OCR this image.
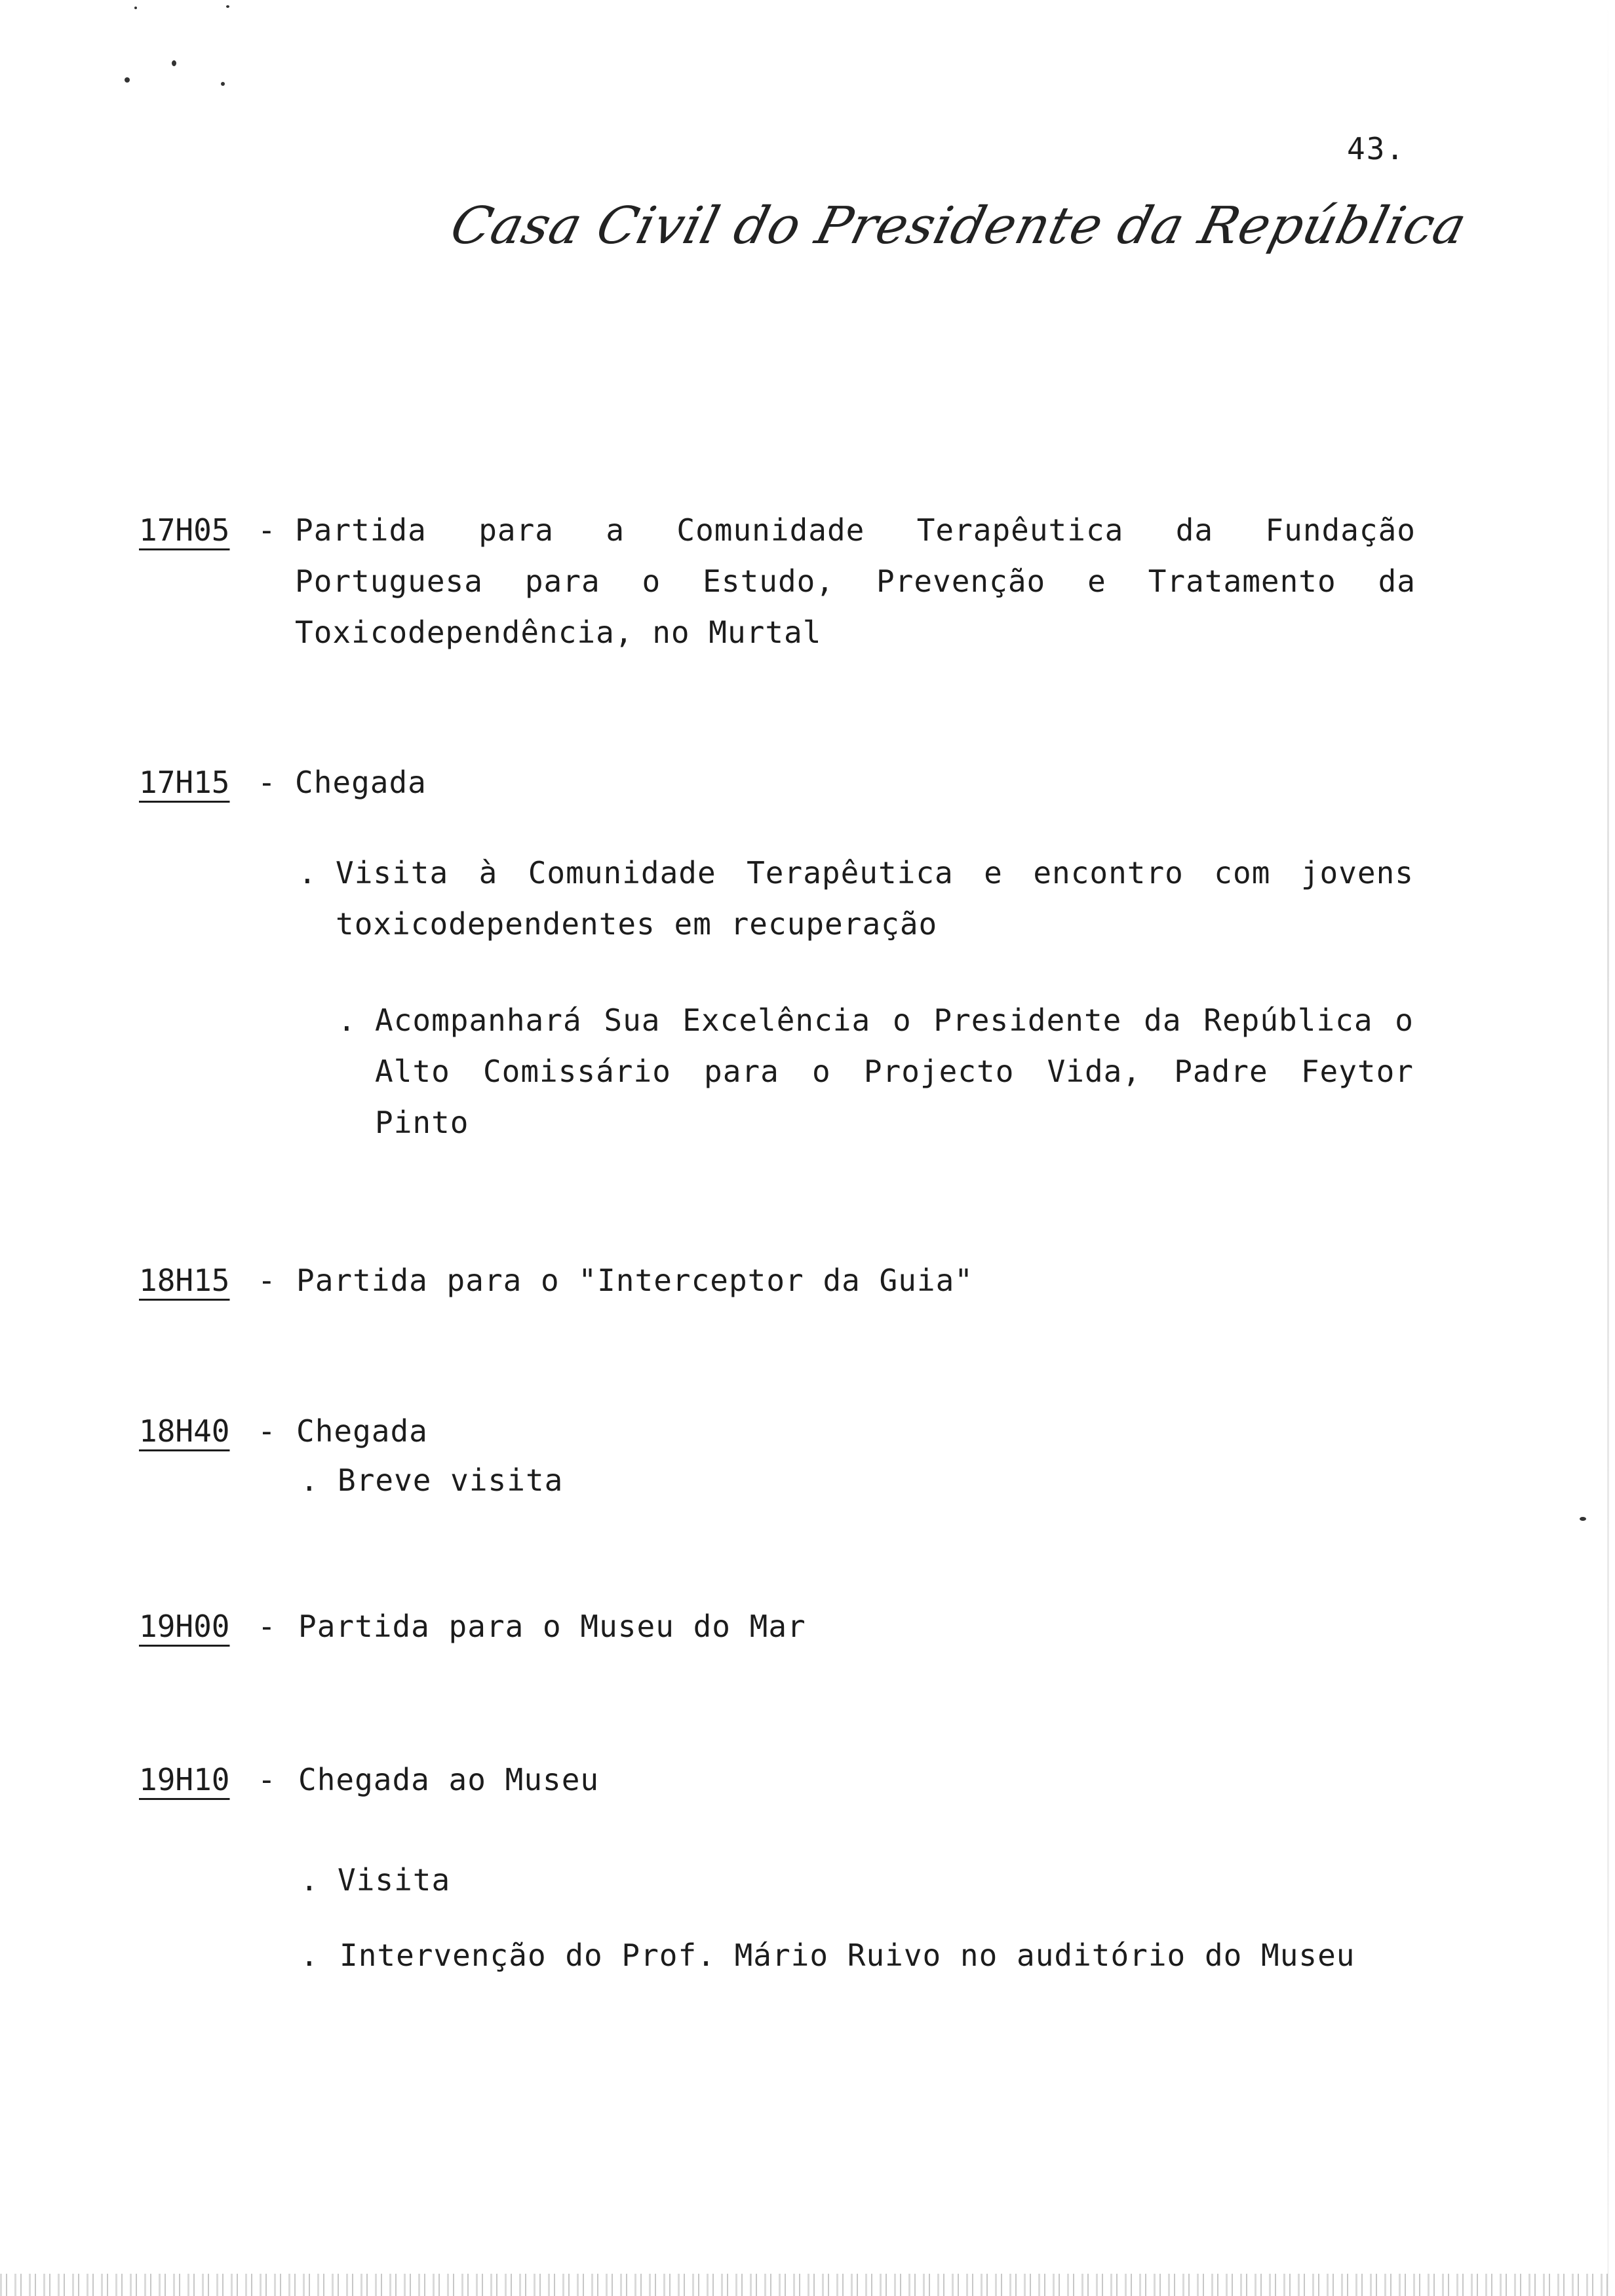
43.
Casa Civil do Presidente da República
17H05 - Partida para a Comunidade Terapêutica da Fundação Portuguesa para o Estudo, Prevenção e Tratamento da Toxicodependência, no Murtal
17H15 - Chegada
. Visita à Comunidade Terapêutica e encontro com jovens toxicodependentes em recuperação
. Acompanhará Sua Excelência o Presidente da República o Alto Comissário para o Projecto Vida, Padre Feytor Pinto
18H15 - Partida para o "Interceptor da Guia"
18H40 - Chegada
. Breve visita
19H00 - Partida para o Museu do Mar
19H10 - Chegada ao Museu
. Visita
. Intervenção do Prof. Mário Ruivo no auditório do Museu
